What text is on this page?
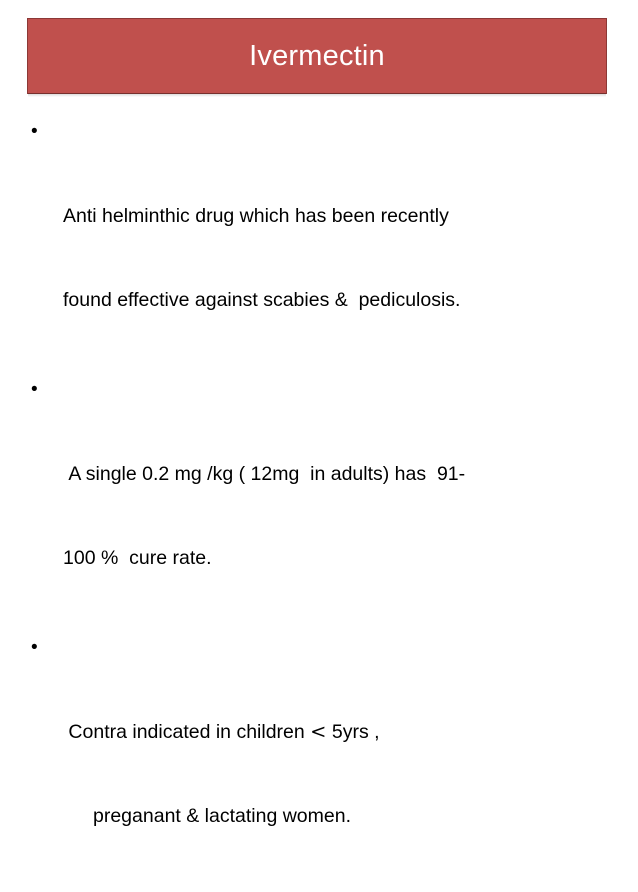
Ivermectin

•

Anti helminthic drug which has been recently

found effective against scabies &  pediculosis.

•

A single 0.2 mg /kg ( 12mg  in adults) has  91-

100 %  cure rate.

•

Contra indicated in children < 5yrs ,

preganant & lactating women.
